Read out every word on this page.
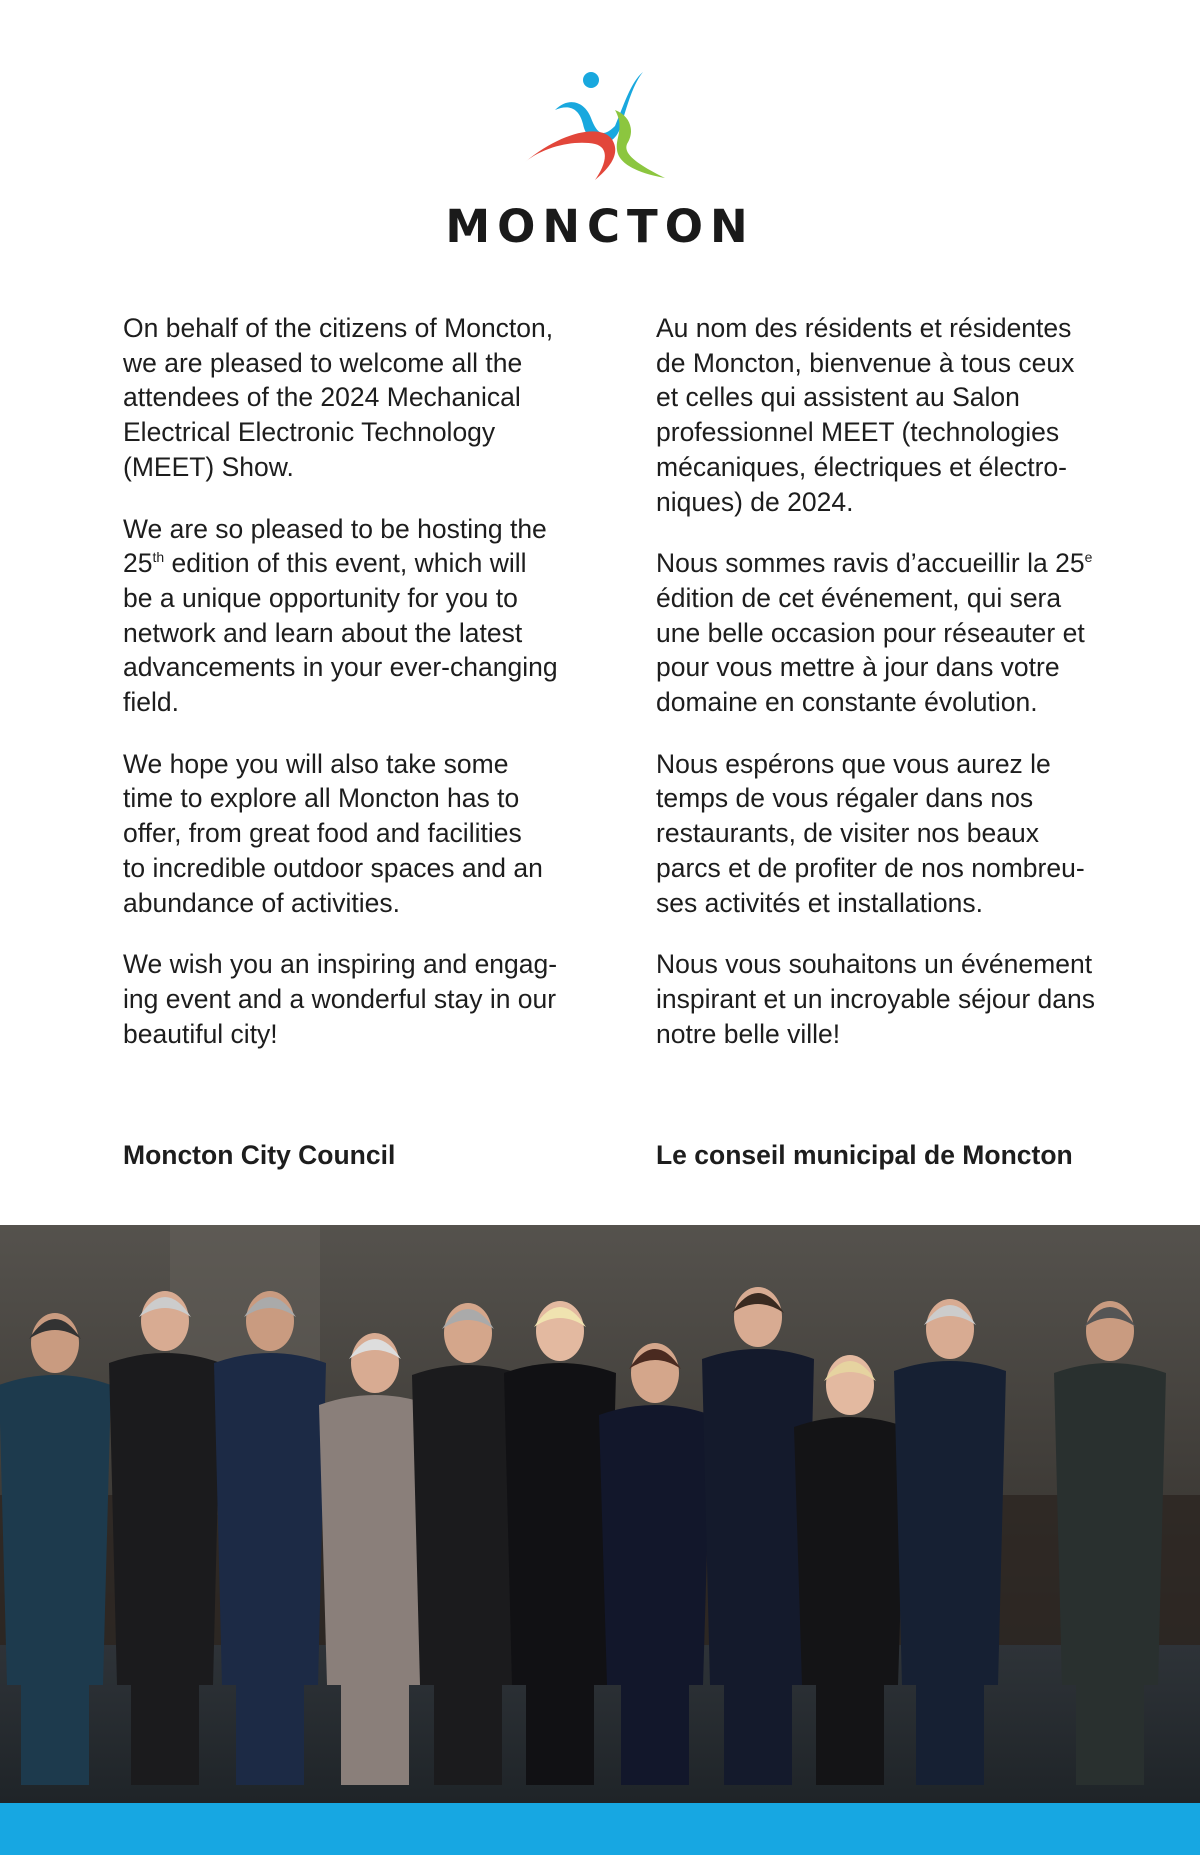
MONCTON

On behalf of the citizens of Moncton,
we are pleased to welcome all the
attendees of the 2024 Mechanical
Electrical Electronic Technology
(MEET) Show.

We are so pleased to be hosting the
25th edition of this event, which will
be a unique opportunity for you to
network and learn about the latest
advancements in your ever-changing
field.

We hope you will also take some
time to explore all Moncton has to
offer, from great food and facilities
to incredible outdoor spaces and an
abundance of activities.

We wish you an inspiring and engag-
ing event and a wonderful stay in our
beautiful city!

Au nom des résidents et résidentes
de Moncton, bienvenue à tous ceux
et celles qui assistent au Salon
professionnel MEET (technologies
mécaniques, électriques et électro-
niques) de 2024.

Nous sommes ravis d’accueillir la 25e
édition de cet événement, qui sera
une belle occasion pour réseauter et
pour vous mettre à jour dans votre
domaine en constante évolution.

Nous espérons que vous aurez le
temps de vous régaler dans nos
restaurants, de visiter nos beaux
parcs et de profiter de nos nombreu-
ses activités et installations.

Nous vous souhaitons un événement
inspirant et un incroyable séjour dans
notre belle ville!

Moncton City Council	Le conseil municipal de Moncton
